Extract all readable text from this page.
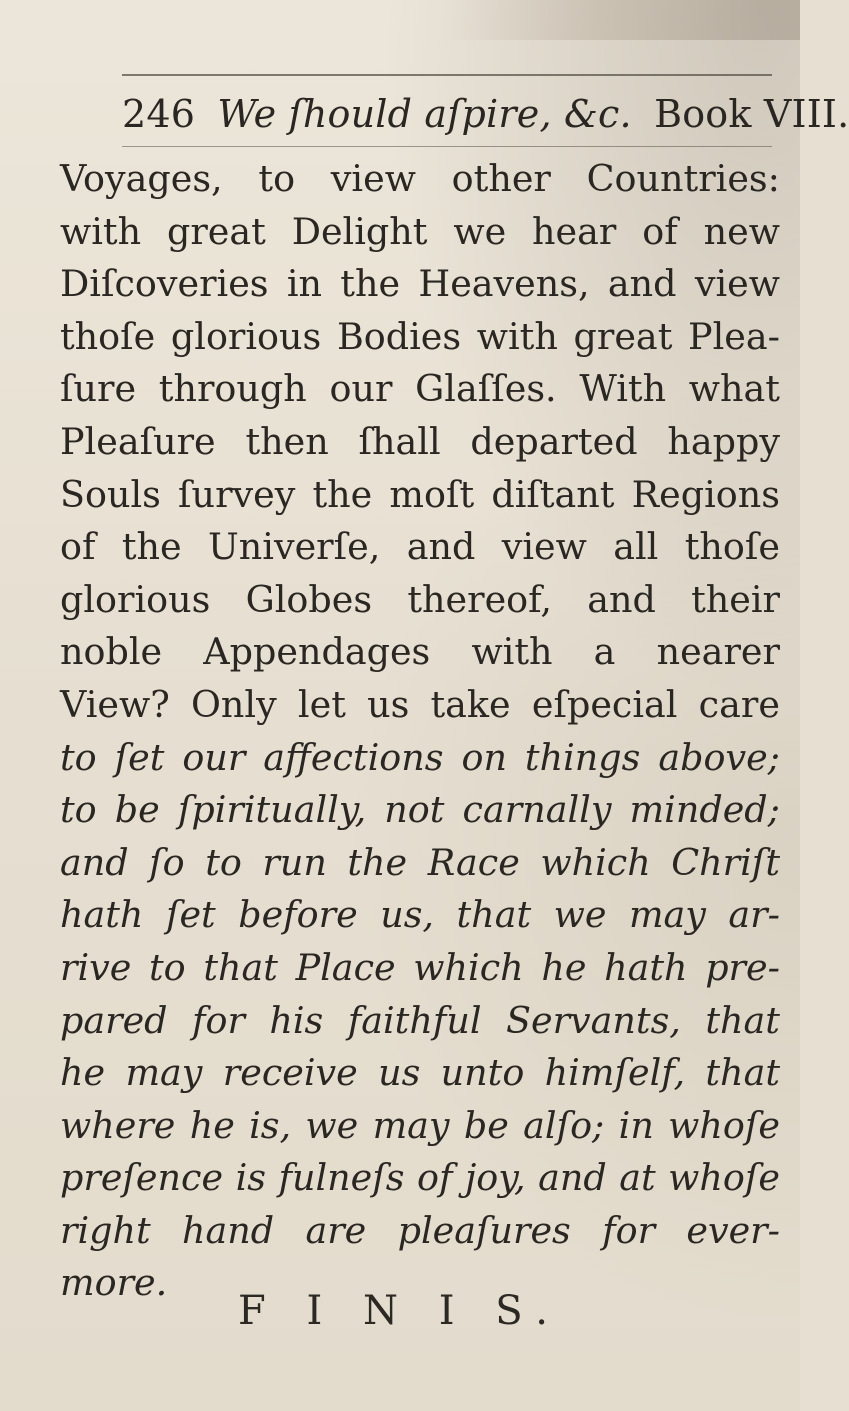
246 We ſhould aſpire, &c. Book VIII.
Voyages, to view other Countries:
with great Delight we hear of new
Diſcoveries in the Heavens, and view
thoſe glorious Bodies with great Plea-
ſure through our Glaſſes. With what
Pleaſure then ſhall departed happy
Souls ſurvey the moſt diſtant Regions
of the Univerſe, and view all thoſe
glorious Globes thereof, and their
noble Appendages with a nearer
View? Only let us take eſpecial care
to ſet our affections on things above;
to be ſpiritually, not carnally minded;
and ſo to run the Race which Chriſt
hath ſet before us, that we may ar-
rive to that Place which he hath pre-
pared for his faithful Servants, that
he may receive us unto himſelf, that
where he is, we may be alſo; in whoſe
preſence is fulneſs of joy, and at whoſe
right hand are pleaſures for ever-
more.
F I N I S.
